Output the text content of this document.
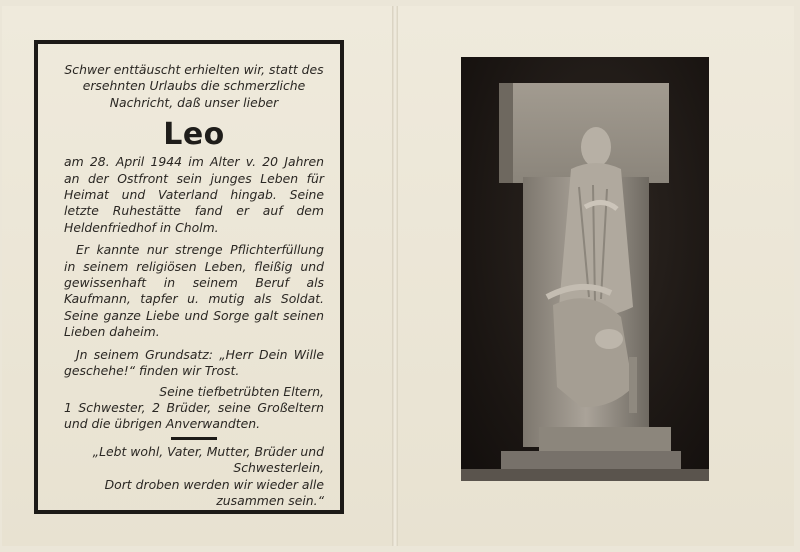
Schwer enttäuscht erhielten wir, statt des ersehnten Urlaubs die schmerzliche Nachricht, daß unser lieber

Leo

am 28. April 1944 im Alter v. 20 Jahren an der Ostfront sein junges Leben für Heimat und Vaterland hingab. Seine letzte Ruhestätte fand er auf dem Heldenfriedhof in Cholm.

Er kannte nur strenge Pflichterfüllung in seinem religiösen Leben, fleißig und gewissenhaft in seinem Beruf als Kaufmann, tapfer u. mutig als Soldat. Seine ganze Liebe und Sorge galt seinen Lieben daheim.

Jn seinem Grundsatz: „Herr Dein Wille geschehe!“ finden wir Trost.

Seine tiefbetrübten Eltern,

1 Schwester, 2 Brüder, seine Großeltern und die übrigen Anverwandten.

„Lebt wohl, Vater, Mutter, Brüder und Schwesterlein,

Dort droben werden wir wieder alle zusammen sein.“
